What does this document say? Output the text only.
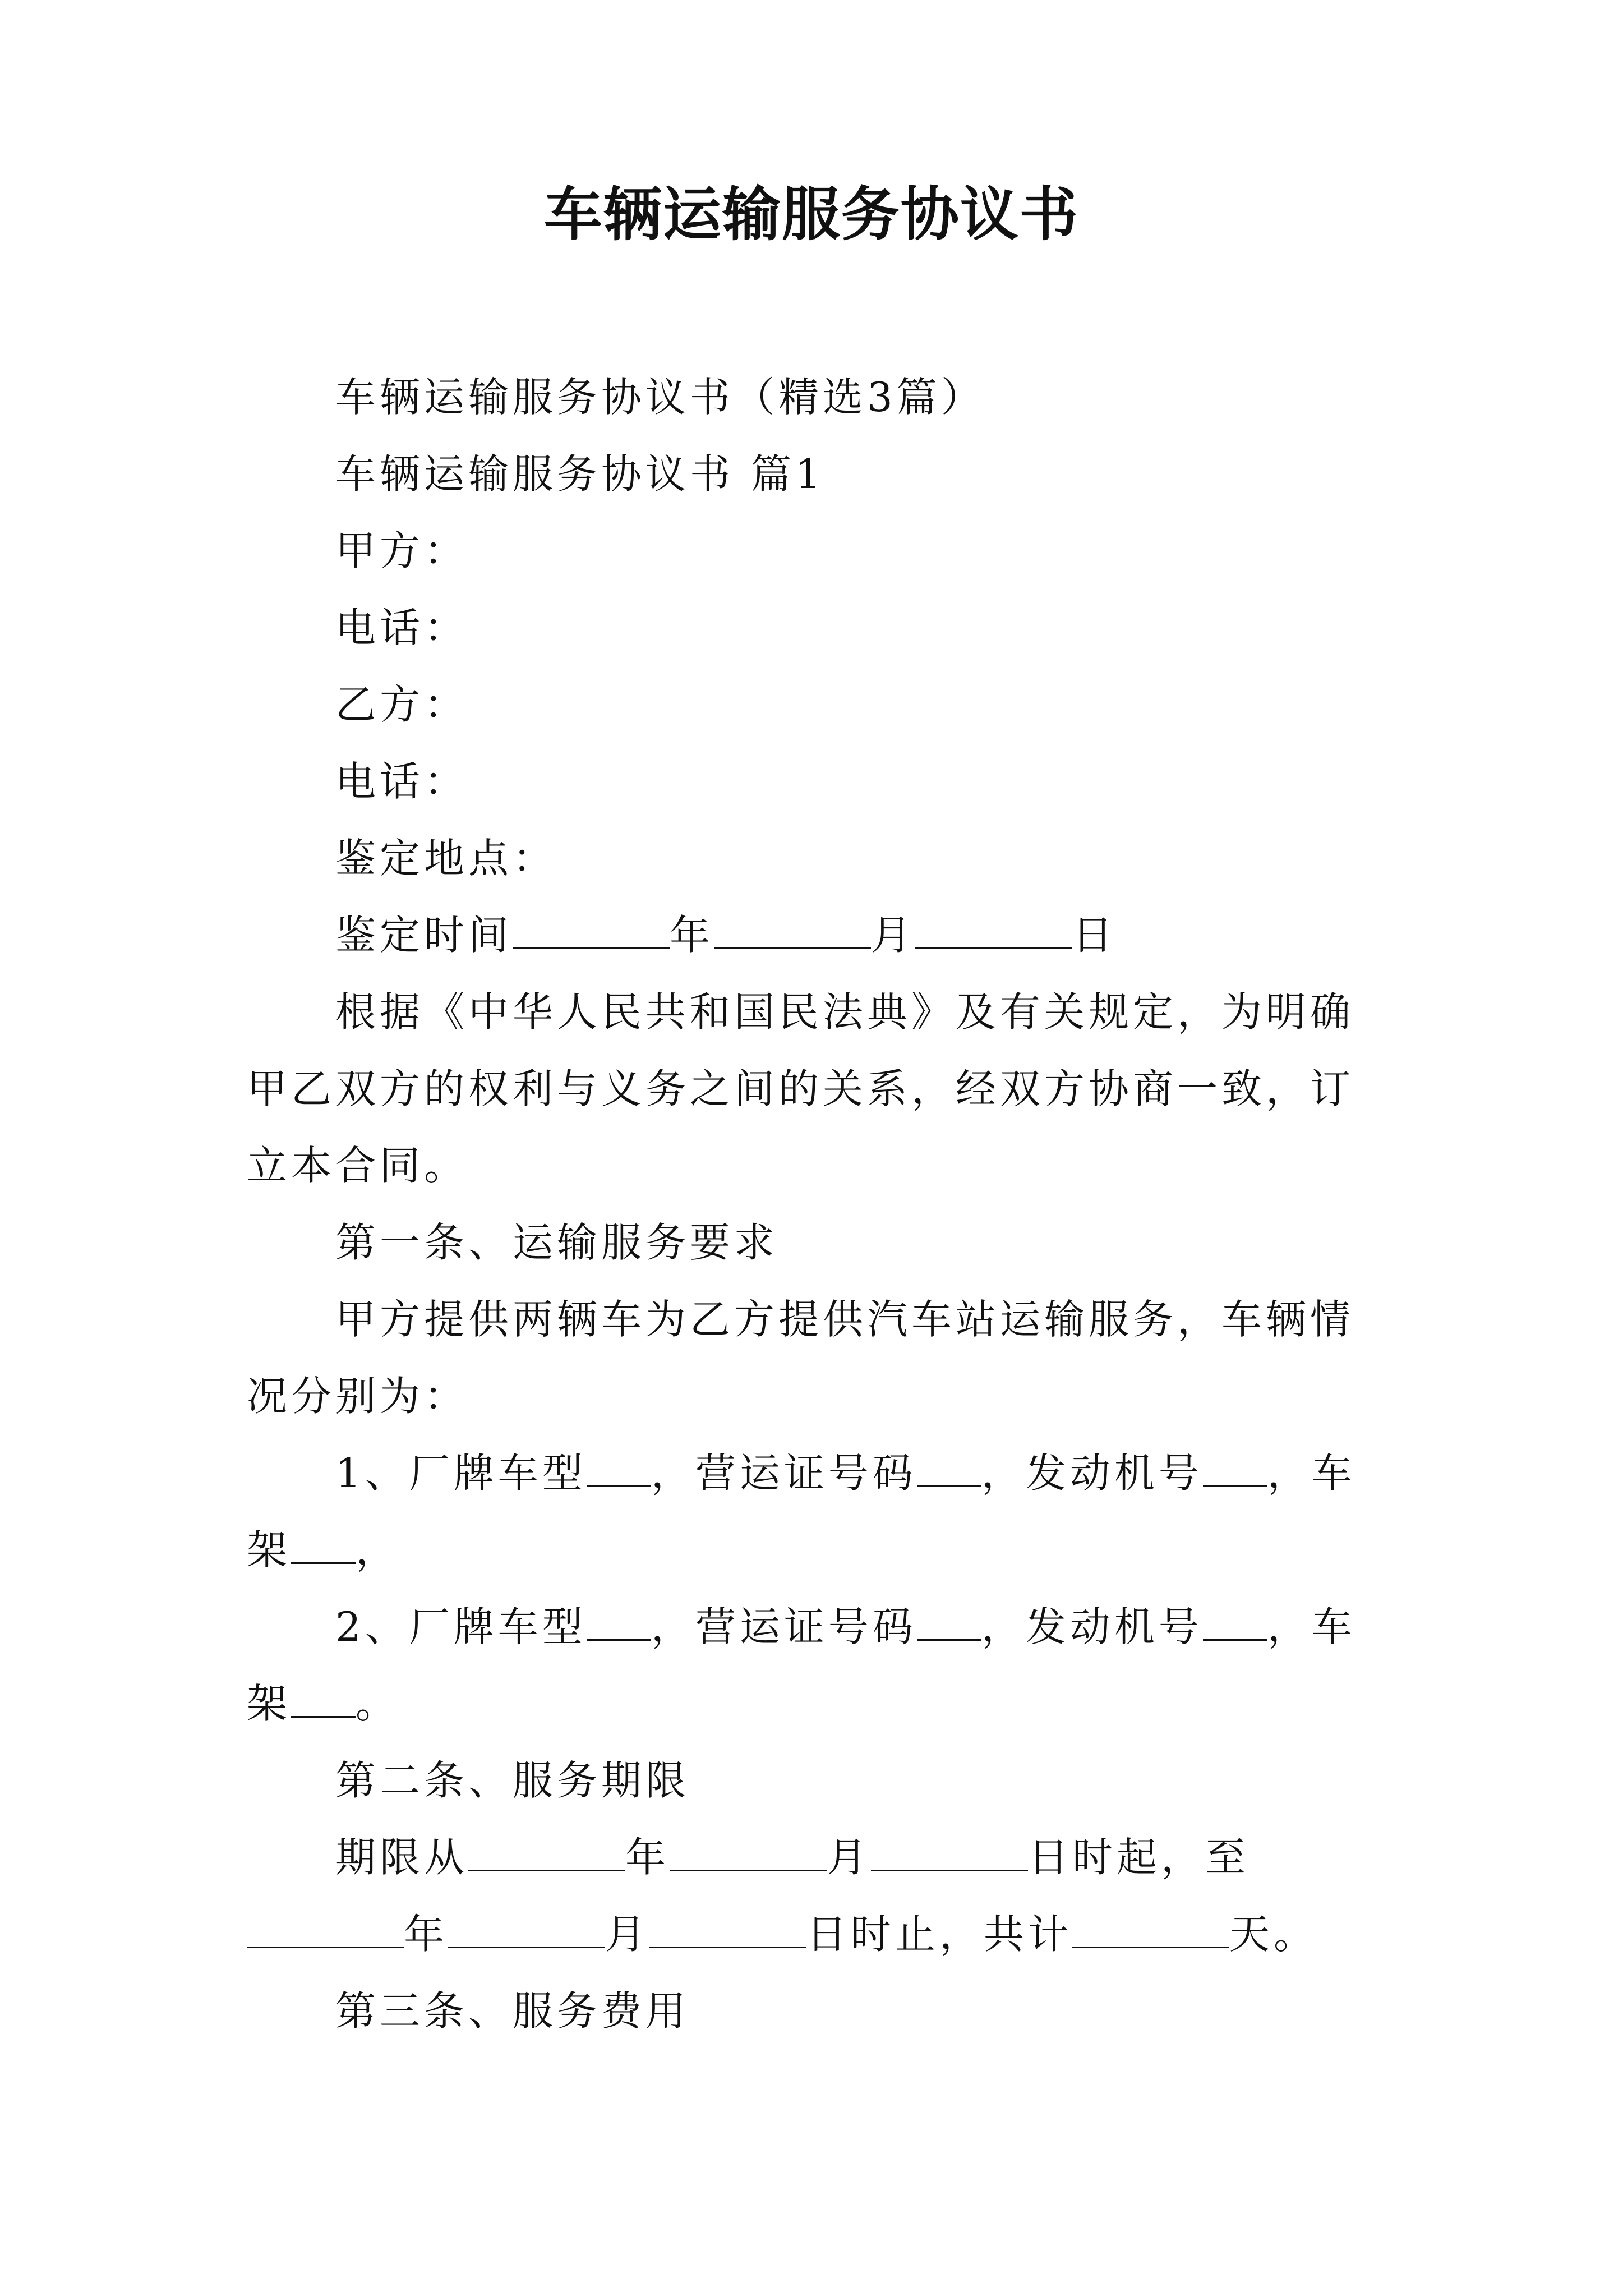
车辆运输服务协议书

车辆运输服务协议书（精选3篇）

车辆运输服务协议书 篇1

甲方：

电话：

乙方：

电话：

鉴定地点：

鉴定时间	年	月	日

根据《中华人民共和国民法典》及有关规定，为明确甲乙双方的权利与义务之间的关系，经双方协商一致，订立本合同。

第一条、运输服务要求

甲方提供两辆车为乙方提供汽车站运输服务，车辆情况分别为：

1、厂牌车型 ，营运证号码 ，发动机号 ，车架 ，

2、厂牌车型 ，营运证号码 ，发动机号 ，车架 。

第二条、服务期限

期限从	年	月	日时起，至年	月	日时止，共计	天。

第三条、服务费用
